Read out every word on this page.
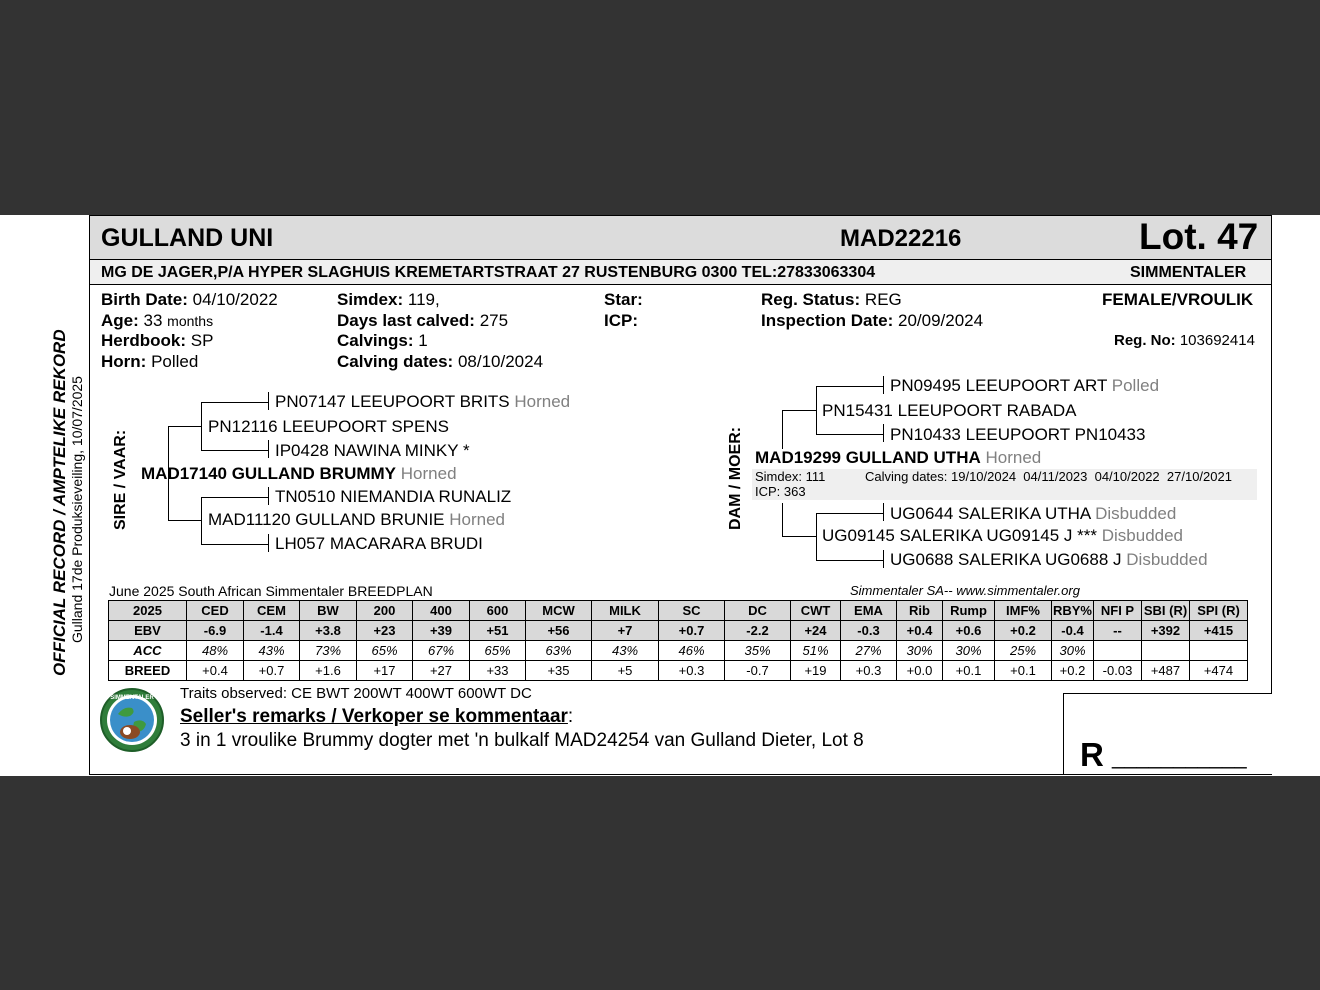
GULLAND UNI	MAD22216	Lot. 47
MG DE JAGER,P/A HYPER SLAGHUIS KREMETARTSTRAAT 27 RUSTENBURG 0300 TEL:27833063304	SIMMENTALER
Birth Date: 04/10/2022
Age: 33 months
Herdbook: SP
Horn: Polled
Simdex: 119,
Days last calved: 275
Calvings: 1
Calving dates: 08/10/2024
Star:
ICP:
Reg. Status: REG
Inspection Date: 20/09/2024
FEMALE/VROULIK
Reg. No: 103692414
OFFICIAL RECORD / AMPTELIKE REKORD Gulland 17de Produksieveiling, 10/07/2025 SIRE / VAAR:	DAM / MOER:
PN07147 LEEUPOORT BRITS Horned
PN12116 LEEUPOORT SPENS
IP0428 NAWINA MINKY *
MAD17140 GULLAND BRUMMY Horned
TN0510 NIEMANDIA RUNALIZ
MAD11120 GULLAND BRUNIE Horned
LH057 MACARARA BRUDI
PN09495 LEEUPOORT ART Polled
PN15431 LEEUPOORT RABADA
PN10433 LEEUPOORT PN10433
MAD19299 GULLAND UTHA Horned
Simdex: 111
ICP: 363
Calving dates: 19/10/2024  04/11/2023  04/10/2022  27/10/2021
UG0644 SALERIKA UTHA Disbudded
UG09145 SALERIKA UG09145 J *** Disbudded
UG0688 SALERIKA UG0688 J Disbudded
June 2025 South African Simmentaler BREEDPLAN	Simmentaler SA-- www.simmentaler.org
2025	CED	CEM	BW	200	400	600	MCW	MILK	SC	DC	CWT	EMA	Rib	Rump	IMF%	RBY%	NFI P	SBI (R)	SPI (R)
EBV	-6.9	-1.4	+3.8	+23	+39	+51	+56	+7	+0.7	-2.2	+24	-0.3	+0.4	+0.6	+0.2	-0.4	--	+392	+415
ACC	48%	43%	73%	65%	67%	65%	63%	43%	46%	35%	51%	27%	30%	30%	25%	30%			
BREED	+0.4	+0.7	+1.6	+17	+27	+33	+35	+5	+0.3	-0.7	+19	+0.3	+0.0	+0.1	+0.1	+0.2	-0.03	+487	+474
SIMMENTALER Traits observed: CE BWT 200WT 400WT 600WT DC
Seller's remarks / Verkoper se kommentaar:
3 in 1 vroulike Brummy dogter met 'n bulkalf MAD24254 van Gulland Dieter, Lot 8	R ___________
